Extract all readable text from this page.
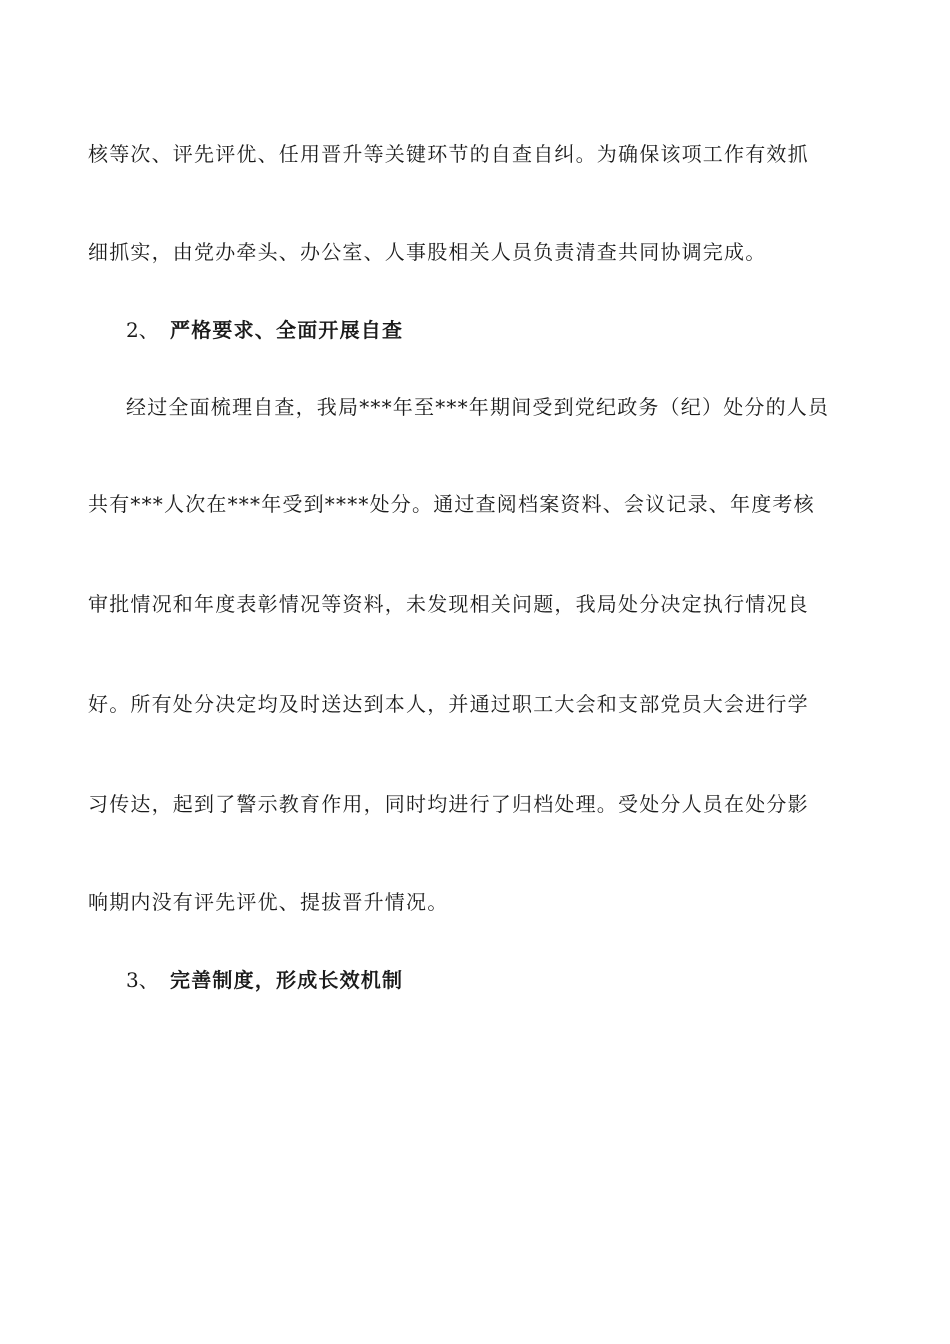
核等次、评先评优、任用晋升等关键环节的自查自纠。为确保该项工作有效抓
细抓实，由党办牵头、办公室、人事股相关人员负责清查共同协调完成。
2、 严格要求、全面开展自查
经过全面梳理自查，我局***年至***年期间受到党纪政务（纪）处分的人员
共有***人次在***年受到****处分。通过查阅档案资料、会议记录、年度考核
审批情况和年度表彰情况等资料，未发现相关问题，我局处分决定执行情况良
好。所有处分决定均及时送达到本人，并通过职工大会和支部党员大会进行学
习传达，起到了警示教育作用，同时均进行了归档处理。受处分人员在处分影
响期内没有评先评优、提拔晋升情况。
3、 完善制度，形成长效机制
